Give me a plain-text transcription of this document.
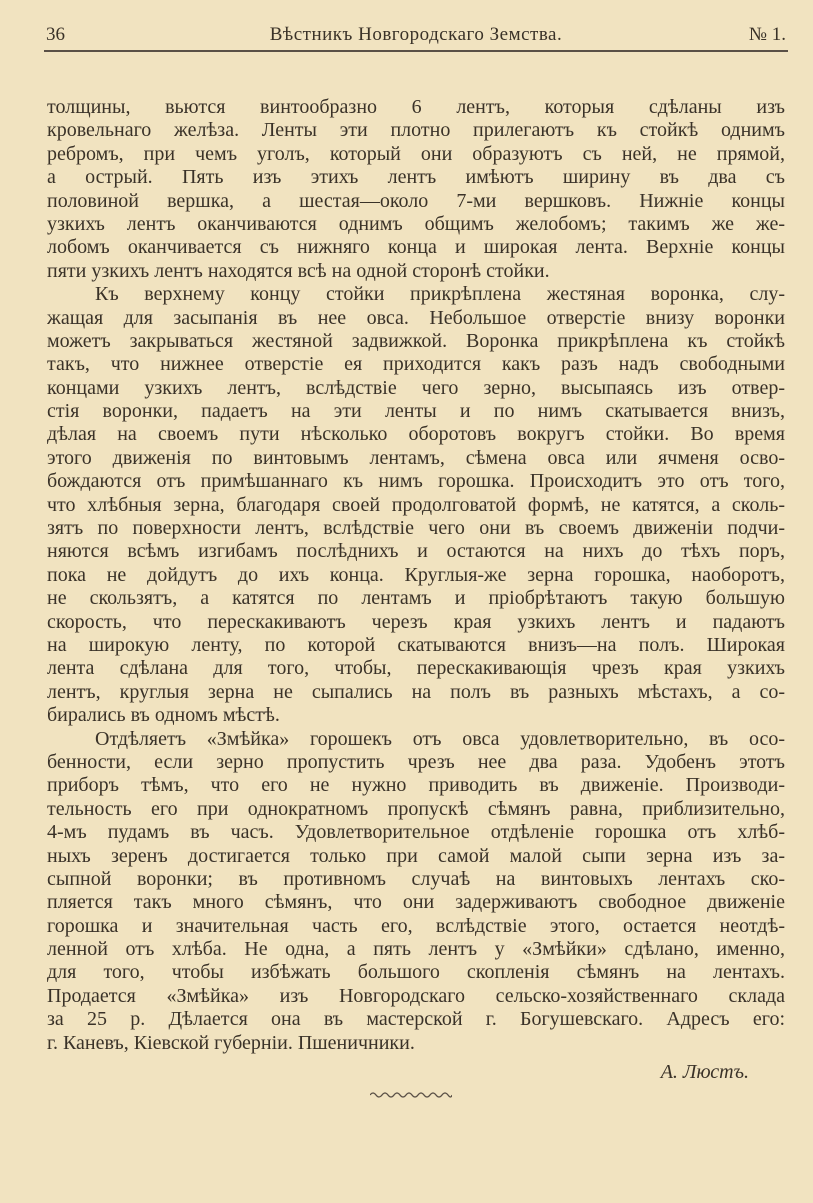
36	Вѣстникъ Новгородскаго Земства.	№ 1.
толщины, вьются винтообразно 6 лентъ, которыя сдѣланы изъ
кровельнаго желѣза. Ленты эти плотно прилегаютъ къ стойкѣ однимъ
ребромъ, при чемъ уголъ, который они образуютъ съ ней, не прямой,
а острый. Пять изъ этихъ лентъ имѣютъ ширину въ два съ
половиной вершка, а шестая—около 7-ми вершковъ. Нижніе концы
узкихъ лентъ оканчиваются однимъ общимъ желобомъ; такимъ же же-
лобомъ оканчивается съ нижняго конца и широкая лента. Верхніе концы
пяти узкихъ лентъ находятся всѣ на одной сторонѣ стойки.
Къ верхнему концу стойки прикрѣплена жестяная воронка, слу-
жащая для засыпанія въ нее овса. Небольшое отверстіе внизу воронки
можетъ закрываться жестяной задвижкой. Воронка прикрѣплена къ стойкѣ
такъ, что нижнее отверстіе ея приходится какъ разъ надъ свободными
концами узкихъ лентъ, вслѣдствіе чего зерно, высыпаясь изъ отвер-
стія воронки, падаетъ на эти ленты и по нимъ скатывается внизъ,
дѣлая на своемъ пути нѣсколько оборотовъ вокругъ стойки. Во время
этого движенія по винтовымъ лентамъ, сѣмена овса или ячменя осво-
бождаются отъ примѣшаннаго къ нимъ горошка. Происходитъ это отъ того,
что хлѣбныя зерна, благодаря своей продолговатой формѣ, не катятся, а сколь-
зятъ по поверхности лентъ, вслѣдствіе чего они въ своемъ движеніи подчи-
няются всѣмъ изгибамъ послѣднихъ и остаются на нихъ до тѣхъ поръ,
пока не дойдутъ до ихъ конца. Круглыя-же зерна горошка, наоборотъ,
не скользятъ, а катятся по лентамъ и пріобрѣтаютъ такую большую
скорость, что перескакиваютъ черезъ края узкихъ лентъ и падаютъ
на широкую ленту, по которой скатываются внизъ—на полъ. Широкая
лента сдѣлана для того, чтобы, перескакивающія чрезъ края узкихъ
лентъ, круглыя зерна не сыпались на полъ въ разныхъ мѣстахъ, а со-
бирались въ одномъ мѣстѣ.
Отдѣляетъ «Змѣйка» горошекъ отъ овса удовлетворительно, въ осо-
бенности, если зерно пропустить чрезъ нее два раза. Удобенъ этотъ
приборъ тѣмъ, что его не нужно приводить въ движеніе. Производи-
тельность его при однократномъ пропускѣ сѣмянъ равна, приблизительно,
4-мъ пудамъ въ часъ. Удовлетворительное отдѣленіе горошка отъ хлѣб-
ныхъ зеренъ достигается только при самой малой сыпи зерна изъ за-
сыпной воронки; въ противномъ случаѣ на винтовыхъ лентахъ ско-
пляется такъ много сѣмянъ, что они задерживаютъ свободное движеніе
горошка и значительная часть его, вслѣдствіе этого, остается неотдѣ-
ленной отъ хлѣба. Не одна, а пять лентъ у «Змѣйки» сдѣлано, именно,
для того, чтобы избѣжать большого скопленія сѣмянъ на лентахъ.
Продается «Змѣйка» изъ Новгородскаго сельско-хозяйственнаго склада
за 25 р. Дѣлается она въ мастерской г. Богушевскаго. Адресъ его:
г. Каневъ, Кіевской губерніи. Пшеничники.
А. Люстъ.
